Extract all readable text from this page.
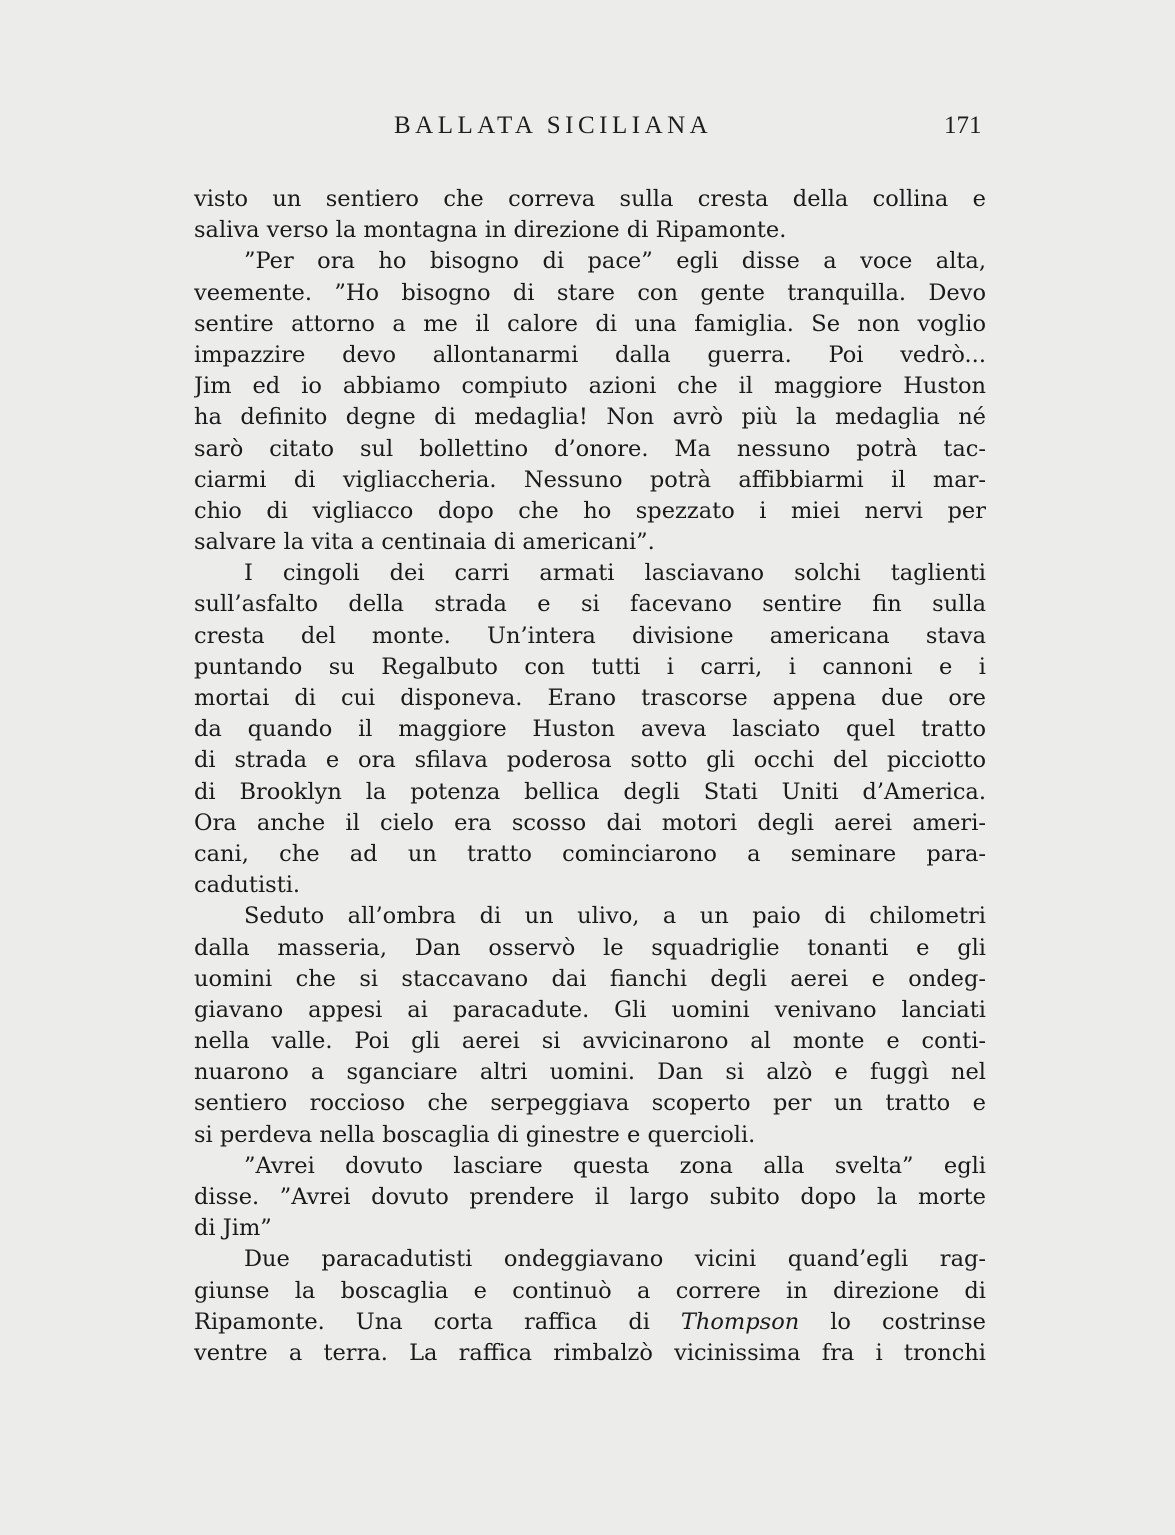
BALLATA SICILIANA	171
visto un sentiero che correva sulla cresta della collina e
saliva verso la montagna in direzione di Ripamonte.
”Per ora ho bisogno di pace” egli disse a voce alta,
veemente. ”Ho bisogno di stare con gente tranquilla. Devo
sentire attorno a me il calore di una famiglia. Se non voglio
impazzire devo allontanarmi dalla guerra. Poi vedrò...
Jim ed io abbiamo compiuto azioni che il maggiore Huston
ha definito degne di medaglia! Non avrò più la medaglia né
sarò citato sul bollettino d’onore. Ma nessuno potrà tac-
ciarmi di vigliaccheria. Nessuno potrà affibbiarmi il mar-
chio di vigliacco dopo che ho spezzato i miei nervi per
salvare la vita a centinaia di americani”.
I cingoli dei carri armati lasciavano solchi taglienti
sull’asfalto della strada e si facevano sentire fin sulla
cresta del monte. Un’intera divisione americana stava
puntando su Regalbuto con tutti i carri, i cannoni e i
mortai di cui disponeva. Erano trascorse appena due ore
da quando il maggiore Huston aveva lasciato quel tratto
di strada e ora sfilava poderosa sotto gli occhi del picciotto
di Brooklyn la potenza bellica degli Stati Uniti d’America.
Ora anche il cielo era scosso dai motori degli aerei ameri-
cani, che ad un tratto cominciarono a seminare para-
cadutisti.
Seduto all’ombra di un ulivo, a un paio di chilometri
dalla masseria, Dan osservò le squadriglie tonanti e gli
uomini che si staccavano dai fianchi degli aerei e ondeg-
giavano appesi ai paracadute. Gli uomini venivano lanciati
nella valle. Poi gli aerei si avvicinarono al monte e conti-
nuarono a sganciare altri uomini. Dan si alzò e fuggì nel
sentiero roccioso che serpeggiava scoperto per un tratto e
si perdeva nella boscaglia di ginestre e quercioli.
”Avrei dovuto lasciare questa zona alla svelta” egli
disse. ”Avrei dovuto prendere il largo subito dopo la morte
di Jim”
Due paracadutisti ondeggiavano vicini quand’egli rag-
giunse la boscaglia e continuò a correre in direzione di
Ripamonte. Una corta raffica di Thompson lo costrinse
ventre a terra. La raffica rimbalzò vicinissima fra i tronchi
